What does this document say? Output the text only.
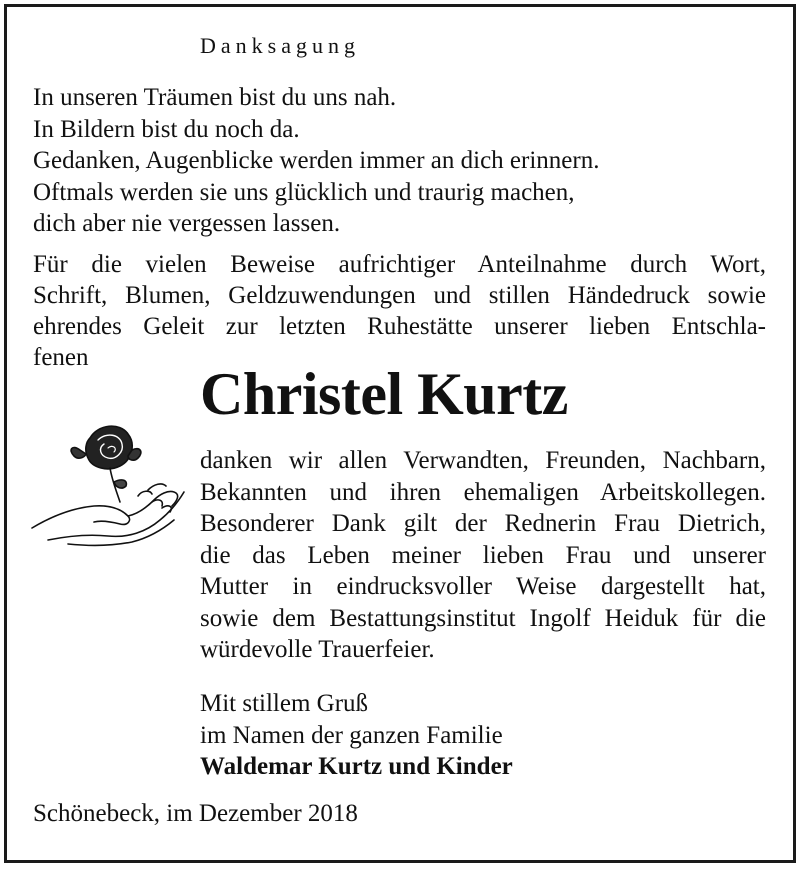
Danksagung
In unseren Träumen bist du uns nah.
In Bildern bist du noch da.
Gedanken, Augenblicke werden immer an dich erinnern.
Oftmals werden sie uns glücklich und traurig machen,
dich aber nie vergessen lassen.
Für die vielen Beweise aufrichtiger Anteilnahme durch Wort,
Schrift, Blumen, Geldzuwendungen und stillen Händedruck sowie
ehrendes Geleit zur letzten Ruhestätte unserer lieben Entschla-
fenen
Christel Kurtz
danken wir allen Verwandten, Freunden, Nachbarn,
Bekannten und ihren ehemaligen Arbeitskollegen.
Besonderer Dank gilt der Rednerin Frau Dietrich,
die das Leben meiner lieben Frau und unserer
Mutter in eindrucksvoller Weise dargestellt hat,
sowie dem Bestattungsinstitut Ingolf Heiduk für die
würdevolle Trauerfeier.
Mit stillem Gruß
im Namen der ganzen Familie
Waldemar Kurtz und Kinder
Schönebeck, im Dezember 2018
